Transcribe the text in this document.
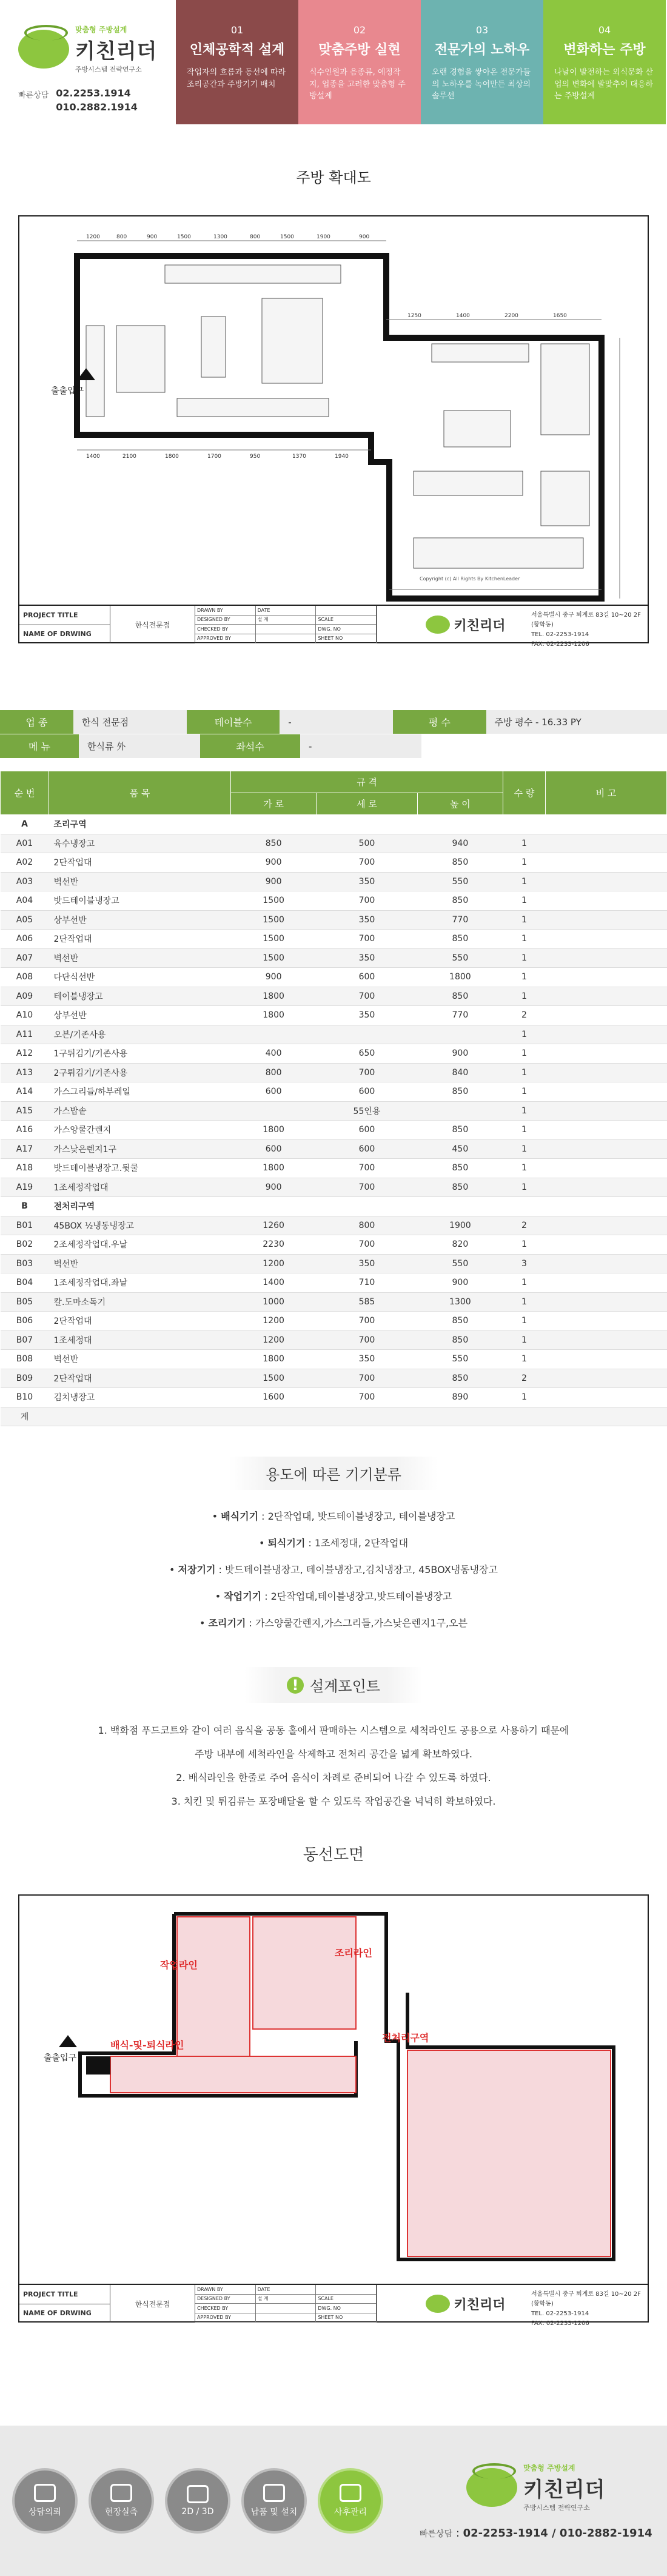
맞춤형 주방설계
키친리더
주방시스템 전략연구소
빠른상담 02.2253.1914
010.2882.1914
01
인체공학적 설계
작업자의 흐름과 동선에 따라 조리공간과 주방기기 배치
02
맞춤주방 실현
식수인원과 음종류, 예정작지, 업종을 고려한 맞춤형 주방설계
03
전문가의 노하우
오랜 경험을 쌓아온 전문가들의 노하우를 녹여만든 최상의 솔루션
04
변화하는 주방
나날이 발전하는 외식문화 산업의 변화에 발맞추어 대응하는 주방설계
주방 확대도
1200	800	900	1500	1300	800	1500	1900	900
1400	2100	1800	1700	950	1370	1940
1250	1400	2200	1650
출출입구
Copyright (c) All Rights By KitchenLeader
PROJECT TITLE
NAME OF DRWING
한식전문점
DRAWN BY	DATE
DESIGNED BY	설 계	SCALE
CHECKED BY	DWG. NO
APPROVED BY	SHEET NO
키친리더
서울특별시 중구 퇴계로 83길 10~20 2F (황학동)
TEL. 02-2253-1914
FAX. 02-2233-1206
업 종	한식 전문점	테이블수	-	평 수	주방 평수 - 16.33 PY
메 뉴	한식류 外	좌석수	-
순 번	품 목	규 격			수 량	비 고
		가 로	세 로	높 이		
A	조리구역					
A01	육수냉장고	850	500	940	1	
A02	2단작업대	900	700	850	1	
A03	벽선반	900	350	550	1	
A04	밧드테이블냉장고	1500	700	850	1	
A05	상부선반	1500	350	770	1	
A06	2단작업대	1500	700	850	1	
A07	벽선반	1500	350	550	1	
A08	다단식선반	900	600	1800	1	
A09	테이블냉장고	1800	700	850	1	
A10	상부선반	1800	350	770	2	
A11	오븐/기존사용				1	
A12	1구튀김기/기존사용	400	650	900	1	
A13	2구튀김기/기존사용	800	700	840	1	
A14	가스그리들/하부레일	600	600	850	1	
A15	가스밥솥		55인용		1	
A16	가스양쿨간렌지	1800	600	850	1	
A17	가스낮은렌지1구	600	600	450	1	
A18	밧드테이블냉장고.뒷쿨	1800	700	850	1	
A19	1조세정작업대	900	700	850	1	
B	전처리구역					
B01	45BOX ½냉동냉장고	1260	800	1900	2	
B02	2조세정작업대.우날	2230	700	820	1	
B03	벽선반	1200	350	550	3	
B04	1조세정작업대.좌날	1400	710	900	1	
B05	칼.도마소독기	1000	585	1300	1	
B06	2단작업대	1200	700	850	1	
B07	1조세정대	1200	700	850	1	
B08	벽선반	1800	350	550	1	
B09	2단작업대	1500	700	850	2	
B10	김치냉장고	1600	700	890	1	
계						
용도에 따른 기기분류
• 배식기기 : 2단작업대, 밧드테이블냉장고, 테이블냉장고
• 퇴식기기 : 1조세정대, 2단작업대
• 저장기기 : 밧드테이블냉장고, 테이블냉장고,김치냉장고, 45BOX냉동냉장고
• 작업기기 : 2단작업대,테이블냉장고,밧드테이블냉장고
• 조리기기 : 가스양쿨간렌지,가스그리들,가스낮은렌지1구,오븐
! 설계포인트
1. 백화점 푸드코트와 같이 여러 음식을 공동 홀에서 판매하는 시스템으로 세척라인도 공용으로 사용하기 때문에
주방 내부에 세척라인을 삭제하고 전처리 공간을 넓게 확보하였다.
2. 배식라인을 한줄로 주어 음식이 차례로 준비되어 나갈 수 있도록 하였다.
3. 치킨 및 튀김류는 포장배달을 할 수 있도록 작업공간을 넉넉히 확보하였다.
동선도면
작업라인
조리라인
전처리구역
배식-및-퇴식라인
출출입구
PROJECT TITLE
NAME OF DRWING
한식전문점
DRAWN BY	DATE
DESIGNED BY	설 계	SCALE
CHECKED BY	DWG. NO
APPROVED BY	SHEET NO
키친리더
서울특별시 중구 퇴계로 83길 10~20 2F (황학동)
TEL. 02-2253-1914
FAX. 02-2233-1206
상담의뢰	현장실측	2D / 3D	납품 및 설치	사후관리
맞춤형 주방설계
키친리더
주방시스템 전략연구소
빠른상담 : 02-2253-1914 / 010-2882-1914
